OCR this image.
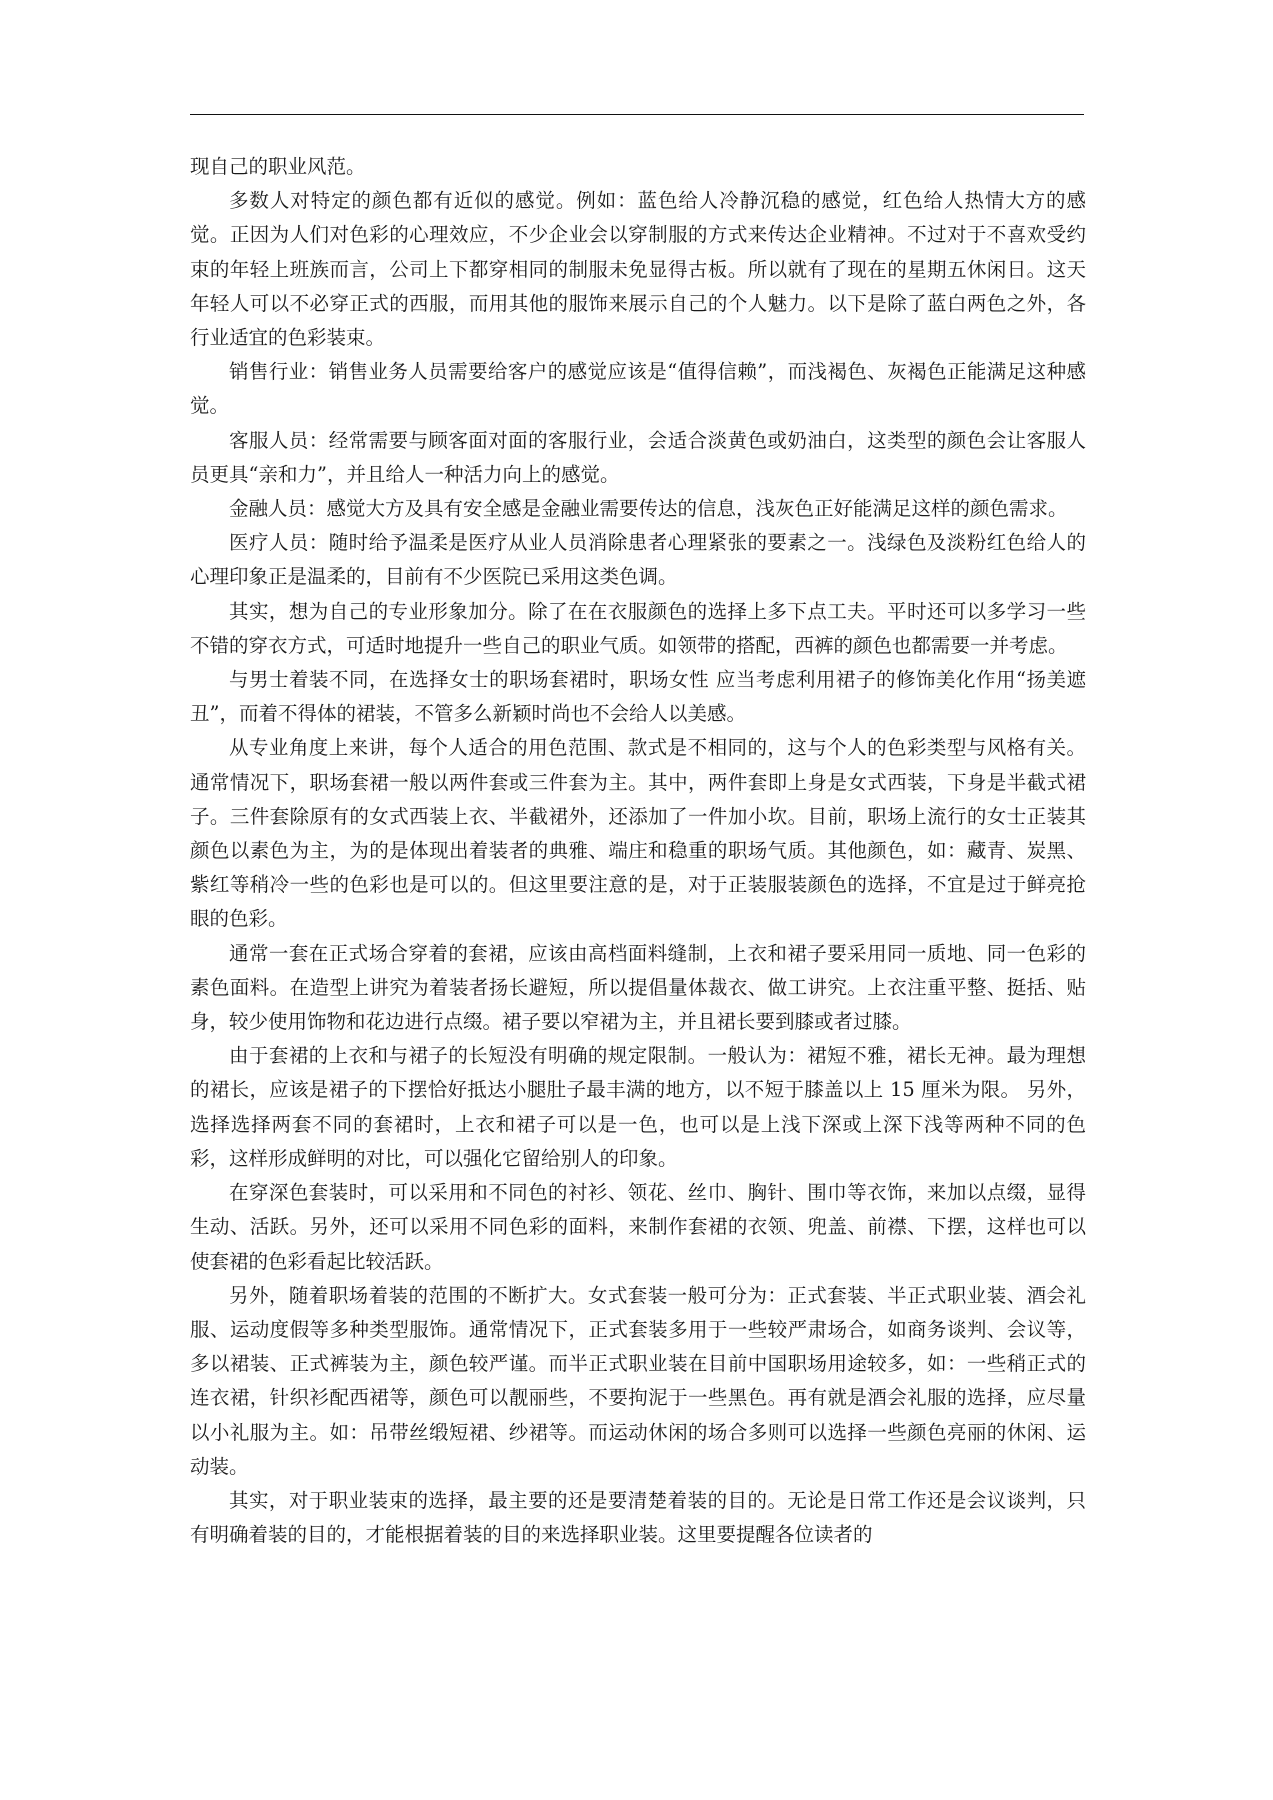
现自己的职业风范。

多数人对特定的颜色都有近似的感觉。例如：蓝色给人冷静沉稳的感觉，红色给人热情大方的感觉。正因为人们对色彩的心理效应，不少企业会以穿制服的方式来传达企业精神。不过对于不喜欢受约束的年轻上班族而言，公司上下都穿相同的制服未免显得古板。所以就有了现在的星期五休闲日。这天年轻人可以不必穿正式的西服，而用其他的服饰来展示自己的个人魅力。以下是除了蓝白两色之外，各行业适宜的色彩装束。

销售行业：销售业务人员需要给客户的感觉应该是“值得信赖”，而浅褐色、灰褐色正能满足这种感觉。

客服人员：经常需要与顾客面对面的客服行业，会适合淡黄色或奶油白，这类型的颜色会让客服人员更具“亲和力”，并且给人一种活力向上的感觉。

金融人员：感觉大方及具有安全感是金融业需要传达的信息，浅灰色正好能满足这样的颜色需求。

医疗人员：随时给予温柔是医疗从业人员消除患者心理紧张的要素之一。浅绿色及淡粉红色给人的心理印象正是温柔的，目前有不少医院已采用这类色调。

其实，想为自己的专业形象加分。除了在在衣服颜色的选择上多下点工夫。平时还可以多学习一些不错的穿衣方式，可适时地提升一些自己的职业气质。如领带的搭配，西裤的颜色也都需要一并考虑。

与男士着装不同，在选择女士的职场套裙时，职场女性 应当考虑利用裙子的修饰美化作用“扬美遮丑”，而着不得体的裙装，不管多么新颖时尚也不会给人以美感。

从专业角度上来讲，每个人适合的用色范围、款式是不相同的，这与个人的色彩类型与风格有关。通常情况下，职场套裙一般以两件套或三件套为主。其中，两件套即上身是女式西装，下身是半截式裙子。三件套除原有的女式西装上衣、半截裙外，还添加了一件加小坎。目前，职场上流行的女士正装其颜色以素色为主，为的是体现出着装者的典雅、端庄和稳重的职场气质。其他颜色，如：藏青、炭黑、紫红等稍冷一些的色彩也是可以的。但这里要注意的是，对于正装服装颜色的选择，不宜是过于鲜亮抢眼的色彩。

通常一套在正式场合穿着的套裙，应该由高档面料缝制，上衣和裙子要采用同一质地、同一色彩的素色面料。在造型上讲究为着装者扬长避短，所以提倡量体裁衣、做工讲究。上衣注重平整、挺括、贴身，较少使用饰物和花边进行点缀。裙子要以窄裙为主，并且裙长要到膝或者过膝。

由于套裙的上衣和与裙子的长短没有明确的规定限制。一般认为：裙短不雅，裙长无神。最为理想的裙长，应该是裙子的下摆恰好抵达小腿肚子最丰满的地方，以不短于膝盖以上 15 厘米为限。 另外，选择选择两套不同的套裙时，上衣和裙子可以是一色，也可以是上浅下深或上深下浅等两种不同的色彩，这样形成鲜明的对比，可以强化它留给别人的印象。

在穿深色套装时，可以采用和不同色的衬衫、领花、丝巾、胸针、围巾等衣饰，来加以点缀，显得生动、活跃。另外，还可以采用不同色彩的面料，来制作套裙的衣领、兜盖、前襟、下摆，这样也可以使套裙的色彩看起比较活跃。

另外，随着职场着装的范围的不断扩大。女式套装一般可分为：正式套装、半正式职业装、酒会礼服、运动度假等多种类型服饰。通常情况下，正式套装多用于一些较严肃场合，如商务谈判、会议等，多以裙装、正式裤装为主，颜色较严谨。而半正式职业装在目前中国职场用途较多，如：一些稍正式的连衣裙，针织衫配西裙等，颜色可以靓丽些，不要拘泥于一些黑色。再有就是酒会礼服的选择，应尽量以小礼服为主。如：吊带丝缎短裙、纱裙等。而运动休闲的场合多则可以选择一些颜色亮丽的休闲、运动装。

其实，对于职业装束的选择，最主要的还是要清楚着装的目的。无论是日常工作还是会议谈判，只有明确着装的目的，才能根据着装的目的来选择职业装。这里要提醒各位读者的
